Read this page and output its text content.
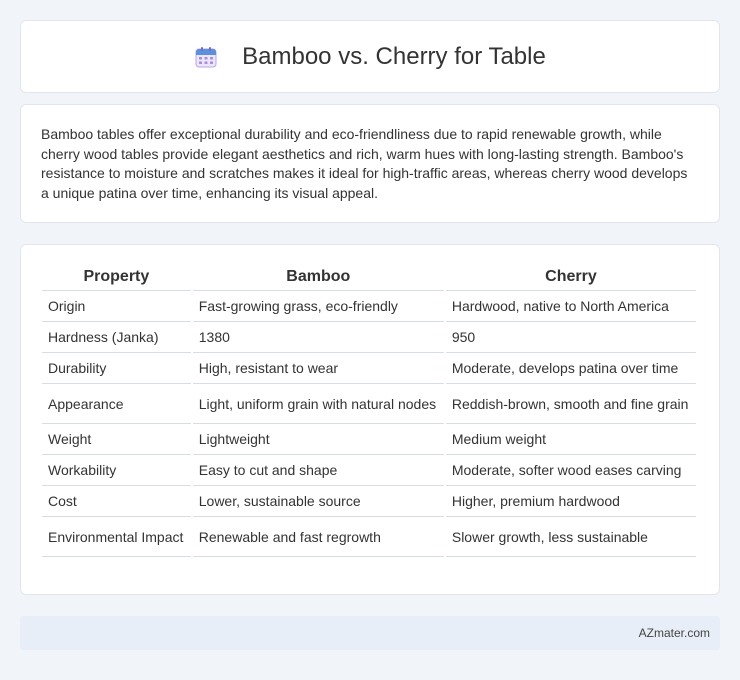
Bamboo vs. Cherry for Table

Bamboo tables offer exceptional durability and eco-friendliness due to rapid renewable growth, while cherry wood tables provide elegant aesthetics and rich, warm hues with long-lasting strength. Bamboo's resistance to moisture and scratches makes it ideal for high-traffic areas, whereas cherry wood develops a unique patina over time, enhancing its visual appeal.

Property	Bamboo	Cherry
Origin	Fast-growing grass, eco-friendly	Hardwood, native to North America
Hardness (Janka)	1380	950
Durability	High, resistant to wear	Moderate, develops patina over time
Appearance	Light, uniform grain with natural nodes	Reddish-brown, smooth and fine grain
Weight	Lightweight	Medium weight
Workability	Easy to cut and shape	Moderate, softer wood eases carving
Cost	Lower, sustainable source	Higher, premium hardwood
Environmental Impact	Renewable and fast regrowth	Slower growth, less sustainable
AZmater.com
